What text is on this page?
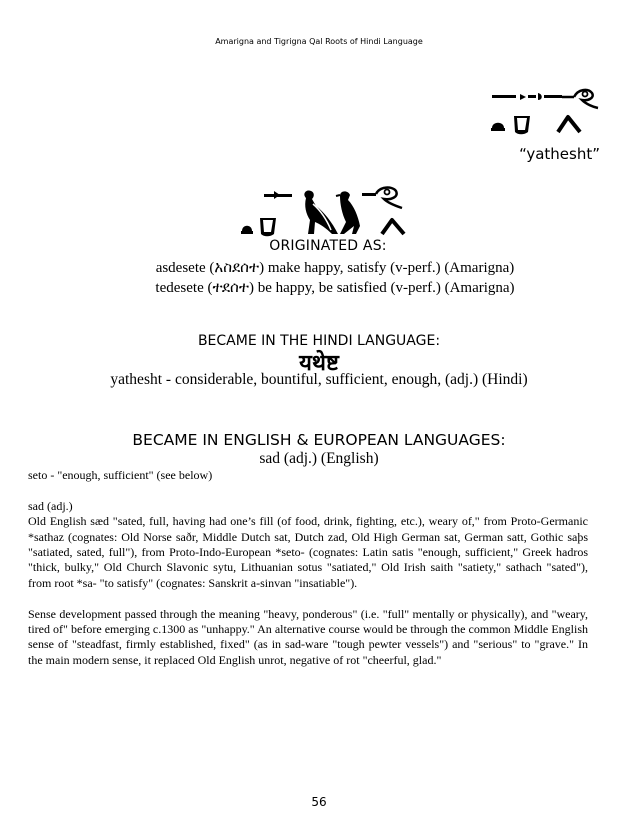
Amarigna and Tigrigna Qal Roots of Hindi Language
“yathesht”
ORIGINATED AS:
asdesete (አስደሰተ) make happy, satisfy (v-perf.) (Amarigna)
tedesete (ተደሰተ) be happy, be satisfied (v-perf.) (Amarigna)
BECAME IN THE HINDI LANGUAGE:
यथेष्ट
yathesht - considerable, bountiful, sufficient, enough, (adj.) (Hindi)
BECAME IN ENGLISH & EUROPEAN LANGUAGES:
sad (adj.) (English)

seto - "enough, sufficient" (see below)

sad (adj.)

Old English sæd "sated, full, having had one’s fill (of food, drink, fighting, etc.), weary of," from Proto-Germanic *sathaz (cognates: Old Norse saðr, Middle Dutch sat, Dutch zad, Old High German sat, German satt, Gothic saþs "satiated, sated, full"), from Proto-Indo-European *seto- (cognates: Latin satis "enough, sufficient," Greek hadros "thick, bulky," Old Church Slavonic sytu, Lithuanian sotus "satiated," Old Irish saith "satiety," sathach "sated"), from root *sa- "to satisfy" (cognates: Sanskrit a-sinvan "insatiable").

Sense development passed through the meaning "heavy, ponderous" (i.e. "full" mentally or physically), and "weary, tired of" before emerging c.1300 as "unhappy." An alternative course would be through the common Middle English sense of "steadfast, firmly established, fixed" (as in sad-ware "tough pewter vessels") and "serious" to "grave." In the main modern sense, it replaced Old English unrot, negative of rot "cheerful, glad."

56
